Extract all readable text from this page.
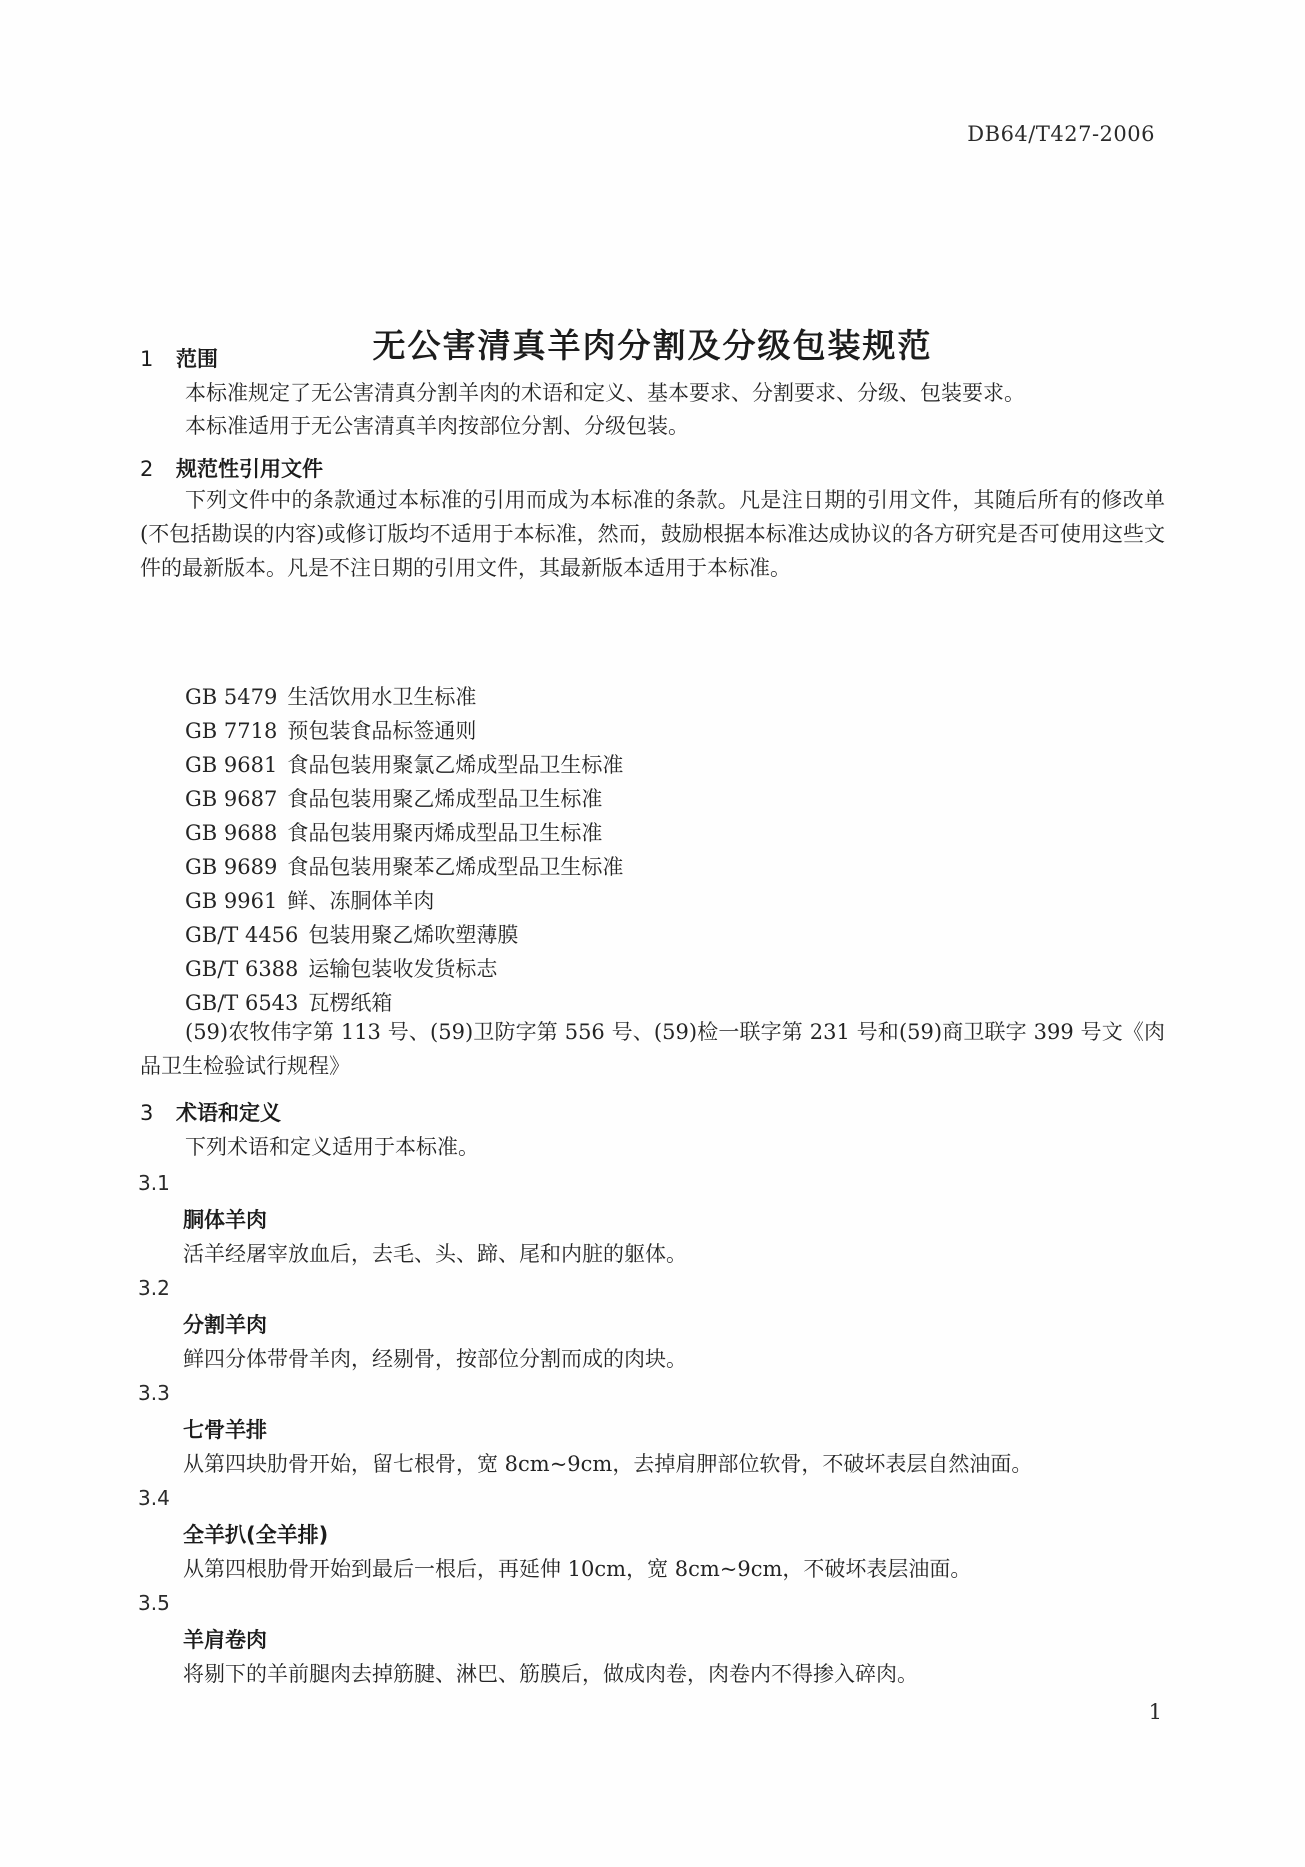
DB64/T427-2006
无公害清真羊肉分割及分级包装规范
1 范围
本标准规定了无公害清真分割羊肉的术语和定义、基本要求、分割要求、分级、包装要求。
本标准适用于无公害清真羊肉按部位分割、分级包装。
2 规范性引用文件
下列文件中的条款通过本标准的引用而成为本标准的条款。凡是注日期的引用文件，其随后所有的修改单(不包括勘误的内容)或修订版均不适用于本标准，然而，鼓励根据本标准达成协议的各方研究是否可使用这些文件的最新版本。凡是不注日期的引用文件，其最新版本适用于本标准。
GB 5479 生活饮用水卫生标准
GB 7718 预包装食品标签通则
GB 9681 食品包装用聚氯乙烯成型品卫生标准
GB 9687 食品包装用聚乙烯成型品卫生标准
GB 9688 食品包装用聚丙烯成型品卫生标准
GB 9689 食品包装用聚苯乙烯成型品卫生标准
GB 9961 鲜、冻胴体羊肉
GB/T 4456 包装用聚乙烯吹塑薄膜
GB/T 6388 运输包装收发货标志
GB/T 6543 瓦楞纸箱
(59)农牧伟字第 113 号、(59)卫防字第 556 号、(59)检一联字第 231 号和(59)商卫联字 399 号文《肉品卫生检验试行规程》
3 术语和定义
下列术语和定义适用于本标准。
3.1
胴体羊肉
活羊经屠宰放血后，去毛、头、蹄、尾和内脏的躯体。
3.2
分割羊肉
鲜四分体带骨羊肉，经剔骨，按部位分割而成的肉块。
3.3
七骨羊排
从第四块肋骨开始，留七根骨，宽 8cm~9cm，去掉肩胛部位软骨，不破坏表层自然油面。
3.4
全羊扒(全羊排)
从第四根肋骨开始到最后一根后，再延伸 10cm，宽 8cm~9cm，不破坏表层油面。
3.5
羊肩卷肉
将剔下的羊前腿肉去掉筋腱、淋巴、筋膜后，做成肉卷，肉卷内不得掺入碎肉。
1
